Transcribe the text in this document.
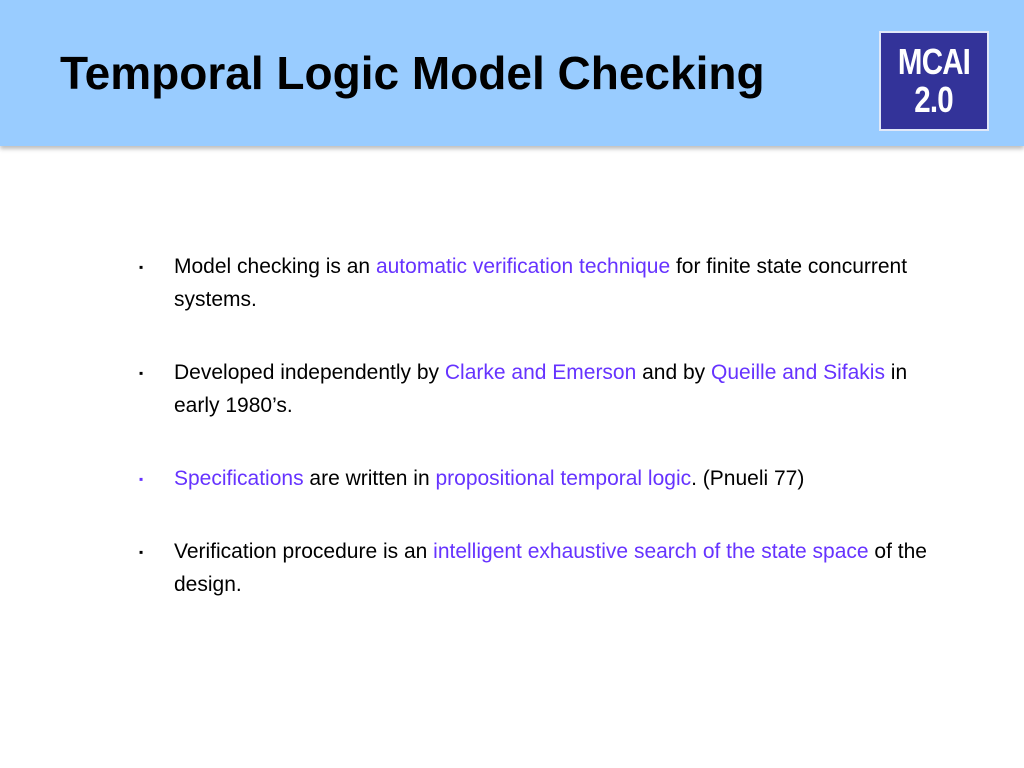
Temporal Logic Model Checking	MCAI
2.0
▪ Model checking is an automatic verification technique for finite state concurrent systems.
▪ Developed independently by Clarke and Emerson and by Queille and Sifakis in early 1980’s.
▪ Specifications are written in propositional temporal logic. (Pnueli 77)
▪ Verification procedure is an intelligent exhaustive search of the state space of the design.
